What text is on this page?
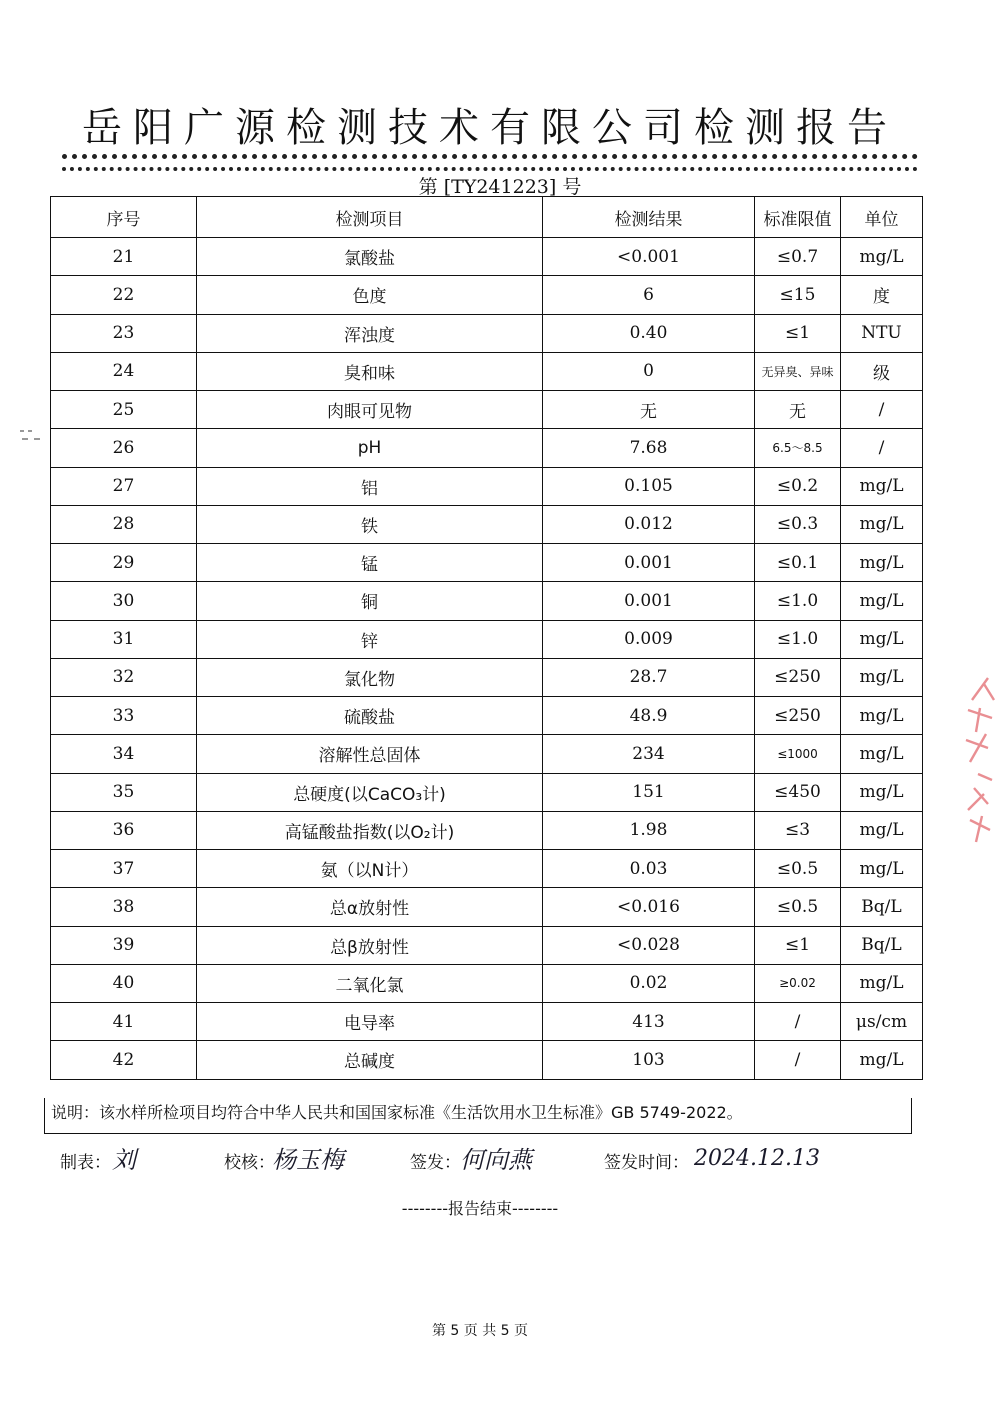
岳阳广源检测技术有限公司检测报告
第 [TY241223] 号
序号	检测项目	检测结果	标准限值	单位
21	氯酸盐	<0.001	≤0.7	mg/L
22	色度	6	≤15	度
23	浑浊度	0.40	≤1	NTU
24	臭和味	0	无异臭、异味	级
25	肉眼可见物	无	无	/
26	pH	7.68	6.5～8.5	/
27	铝	0.105	≤0.2	mg/L
28	铁	0.012	≤0.3	mg/L
29	锰	0.001	≤0.1	mg/L
30	铜	0.001	≤1.0	mg/L
31	锌	0.009	≤1.0	mg/L
32	氯化物	28.7	≤250	mg/L
33	硫酸盐	48.9	≤250	mg/L
34	溶解性总固体	234	≤1000	mg/L
35	总硬度(以CaCO₃计)	151	≤450	mg/L
36	高锰酸盐指数(以O₂计)	1.98	≤3	mg/L
37	氨（以N计）	0.03	≤0.5	mg/L
38	总α放射性	<0.016	≤0.5	Bq/L
39	总β放射性	<0.028	≤1	Bq/L
40	二氧化氯	0.02	≥0.02	mg/L
41	电导率	413	/	μs/cm
42	总碱度	103	/	mg/L
说明：该水样所检项目均符合中华人民共和国国家标准《生活饮用水卫生标准》GB 5749-2022。
制表： 刘	校核：
杨玉梅	签发： 何向燕	签发时间： 2024.12.13
--------报告结束--------
第 5 页 共 5 页
